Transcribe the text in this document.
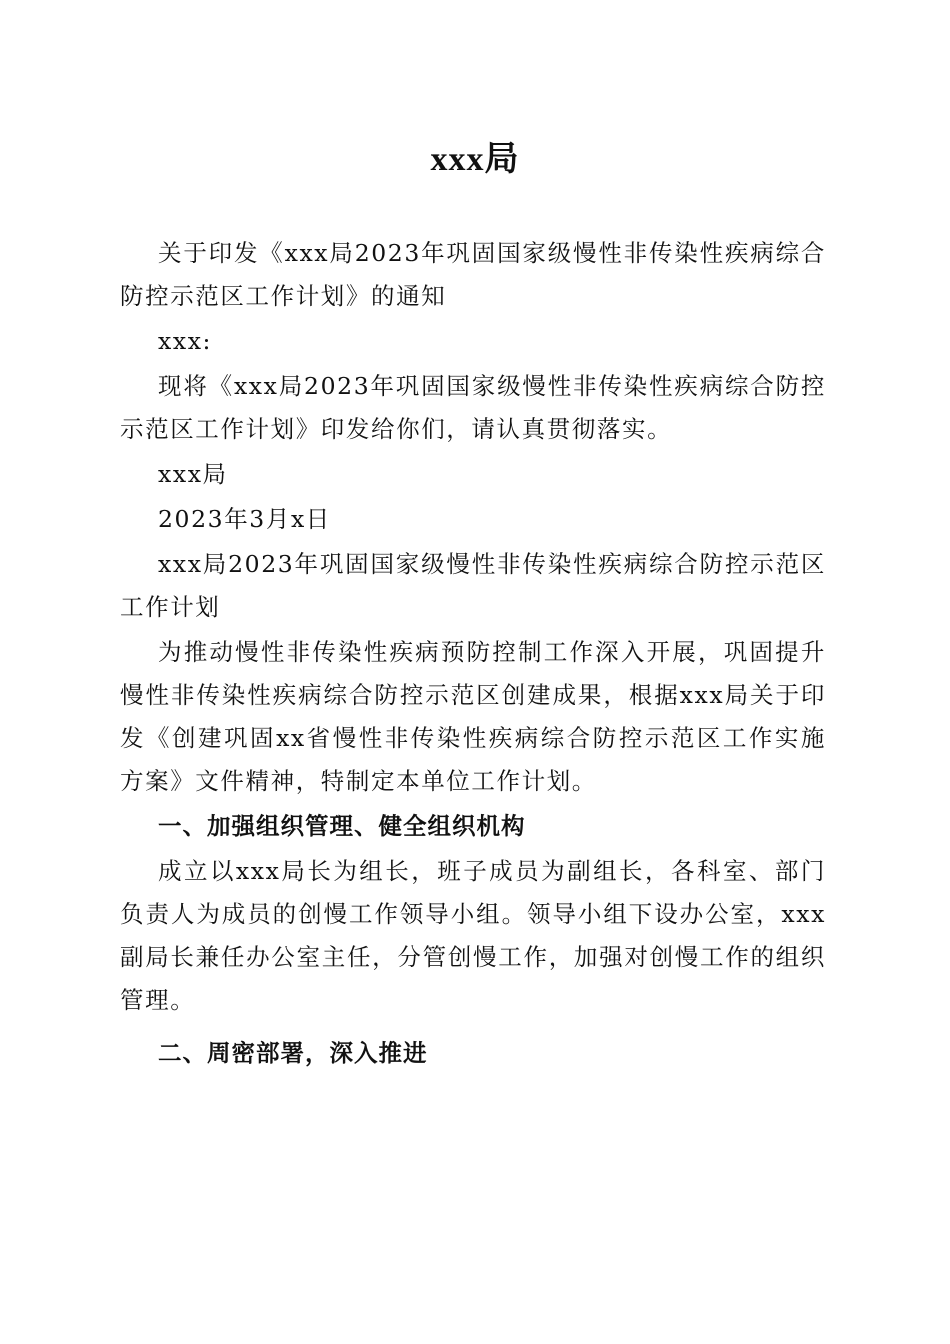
xxx局

关于印发《xxx局2023年巩固国家级慢性非传染性疾病综合防控示范区工作计划》的通知

xxx:

现将《xxx局2023年巩固国家级慢性非传染性疾病综合防控示范区工作计划》印发给你们，请认真贯彻落实。

xxx局

2023年3月x日

xxx局2023年巩固国家级慢性非传染性疾病综合防控示范区工作计划

为推动慢性非传染性疾病预防控制工作深入开展，巩固提升慢性非传染性疾病综合防控示范区创建成果，根据xxx局关于印发《创建巩固xx省慢性非传染性疾病综合防控示范区工作实施方案》文件精神，特制定本单位工作计划。

一、加强组织管理、健全组织机构

成立以xxx局长为组长，班子成员为副组长，各科室、部门负责人为成员的创慢工作领导小组。领导小组下设办公室，xxx副局长兼任办公室主任，分管创慢工作，加强对创慢工作的组织管理。

二、周密部署，深入推进
